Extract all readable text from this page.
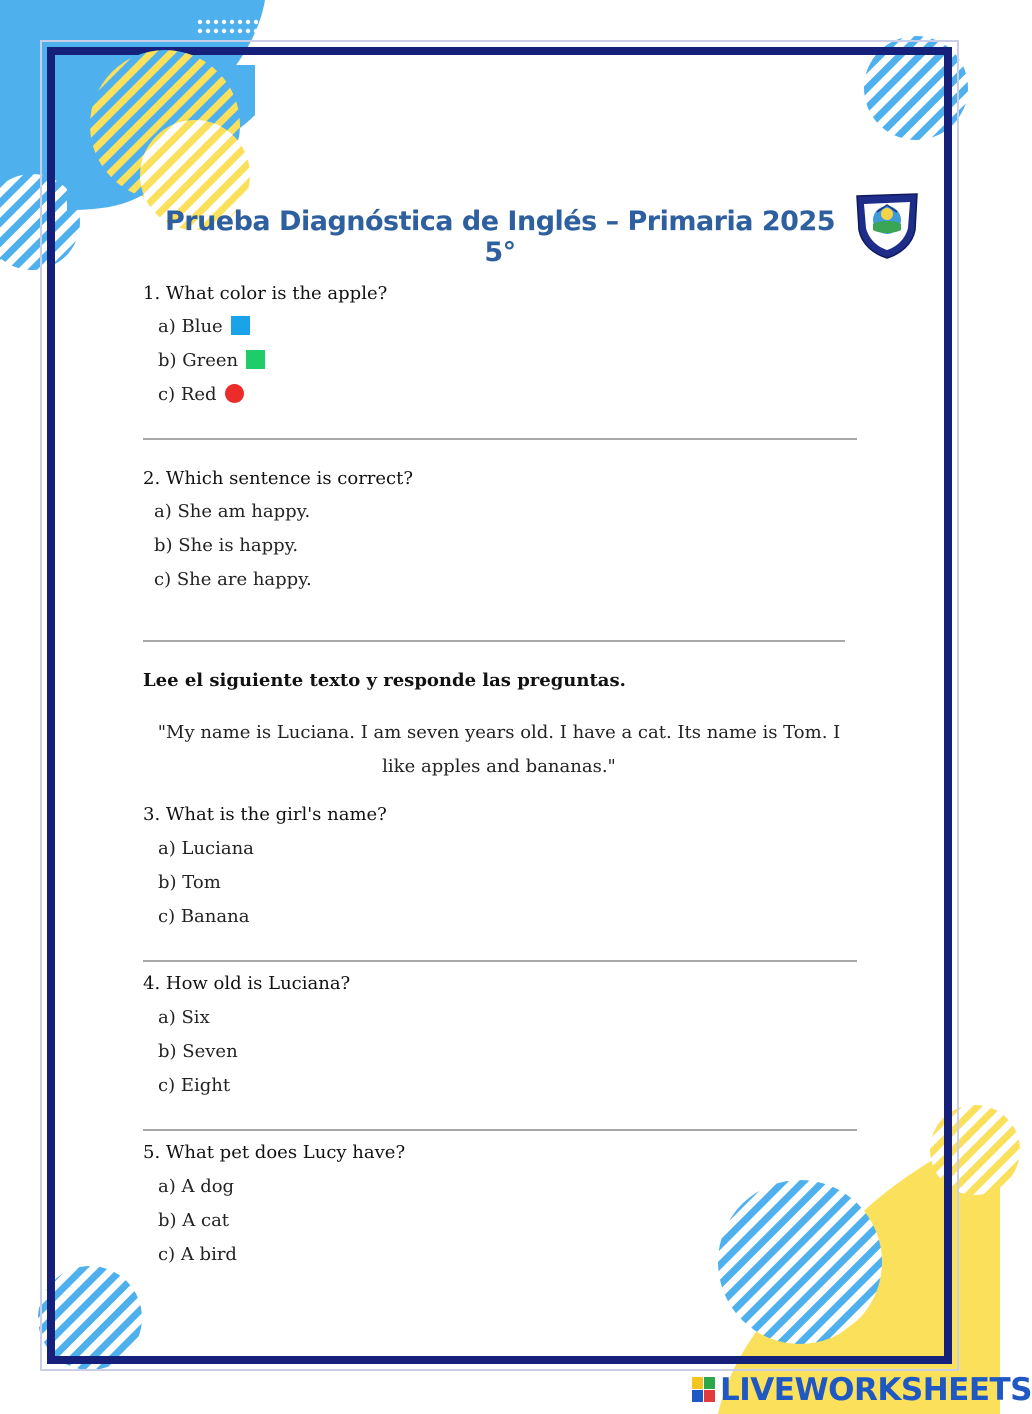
Prueba Diagnóstica de Inglés – Primaria 2025 5°
1. What color is the apple?
a) Blue
b) Green
c) Red
2. Which sentence is correct?
a) She am happy.
b) She is happy.
c) She are happy.
Lee el siguiente texto y responde las preguntas.
"My name is Luciana. I am seven years old. I have a cat. Its name is Tom. I like apples and bananas."
3. What is the girl's name?
a) Luciana
b) Tom
c) Banana
4. How old is Luciana?
a) Six
b) Seven
c) Eight
5. What pet does Lucy have?
a) A dog
b) A cat
c) A bird
LIVEWORKSHEETS
